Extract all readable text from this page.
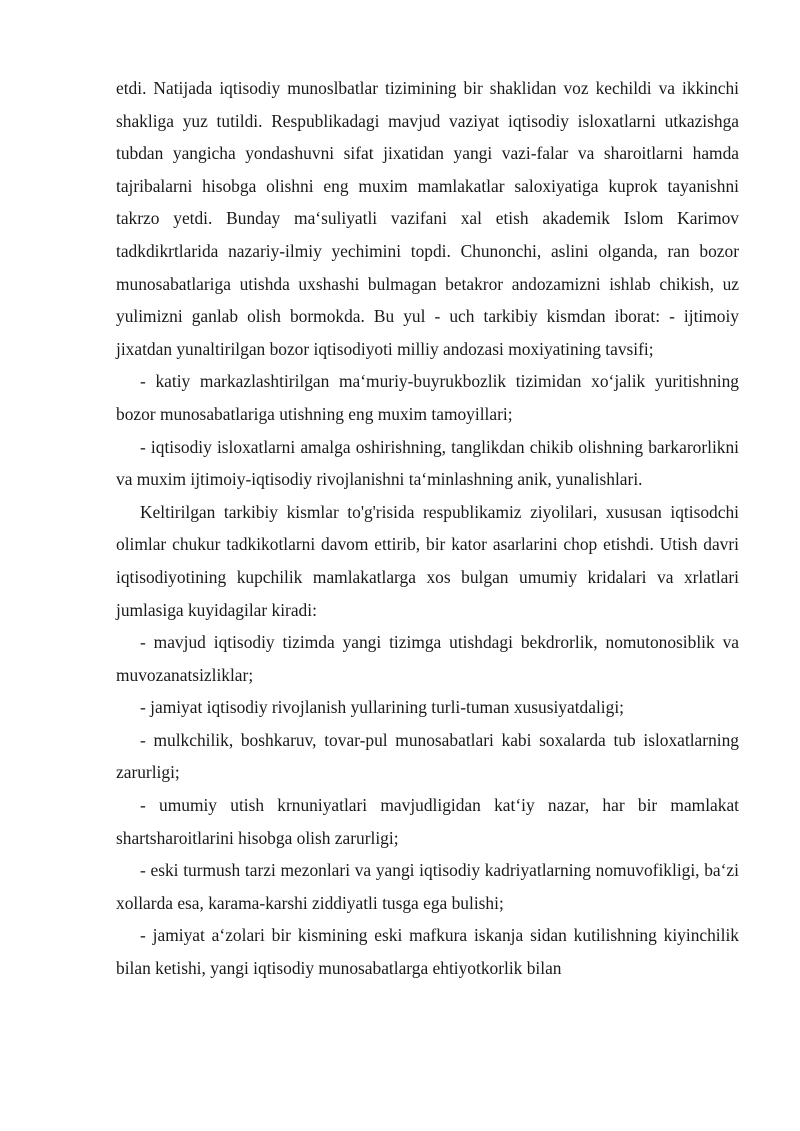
etdi. Natijada iqtisodiy munoslbatlar tizimining bir shaklidan voz kechildi va ikkinchi shakliga yuz tutildi. Respublikadagi mavjud vaziyat iqtisodiy isloxatlarni utkazishga tubdan yangicha yondashuvni sifat jixatidan yangi vazi-falar va sharoitlarni hamda tajribalarni hisobga olishni eng muxim mamlakatlar saloxiyatiga kuprok tayanishni takrzo yetdi. Bunday ma‘suliyatli vazifani xal etish akademik Islom Karimov tadkdikrtlarida nazariy-ilmiy yechimini topdi. Chunonchi, aslini olganda, ran bozor munosabatlariga utishda uxshashi bulmagan betakror andozamizni ishlab chikish, uz yulimizni ganlab olish bormokda. Bu yul - uch tarkibiy kismdan iborat: - ijtimoiy jixatdan yunaltirilgan bozor iqtisodiyoti milliy andozasi moxiyatining tavsifi;

- katiy markazlashtirilgan ma‘muriy-buyrukbozlik tizimidan xo‘jalik yuritishning bozor munosabatlariga utishning eng muxim tamoyillari;

- iqtisodiy isloxatlarni amalga oshirishning, tanglikdan chikib olishning barkarorlikni va muxim ijtimoiy-iqtisodiy rivojlanishni ta‘minlashning anik, yunalishlari.

Keltirilgan tarkibiy kismlar to'g'risida respublikamiz ziyolilari, xususan iqtisodchi olimlar chukur tadkikotlarni davom ettirib, bir kator asarlarini chop etishdi. Utish davri iqtisodiyotining kupchilik mamlakatlarga xos bulgan umumiy kridalari va xrlatlari jumlasiga kuyidagilar kiradi:

- mavjud iqtisodiy tizimda yangi tizimga utishdagi bekdrorlik, nomutonosiblik va muvozanatsizliklar;

- jamiyat iqtisodiy rivojlanish yullarining turli-tuman xususiyatdaligi;

- mulkchilik, boshkaruv, tovar-pul munosabatlari kabi soxalarda tub isloxatlarning zarurligi;

- umumiy utish krnuniyatlari mavjudligidan kat‘iy nazar, har bir mamlakat shartsharoitlarini hisobga olish zarurligi;

- eski turmush tarzi mezonlari va yangi iqtisodiy kadriyatlarning nomuvofikligi, ba‘zi xollarda esa, karama-karshi ziddiyatli tusga ega bulishi;

- jamiyat a‘zolari bir kismining eski mafkura iskanja sidan kutilishning kiyinchilik bilan ketishi, yangi iqtisodiy munosabatlarga ehtiyotkorlik bilan
